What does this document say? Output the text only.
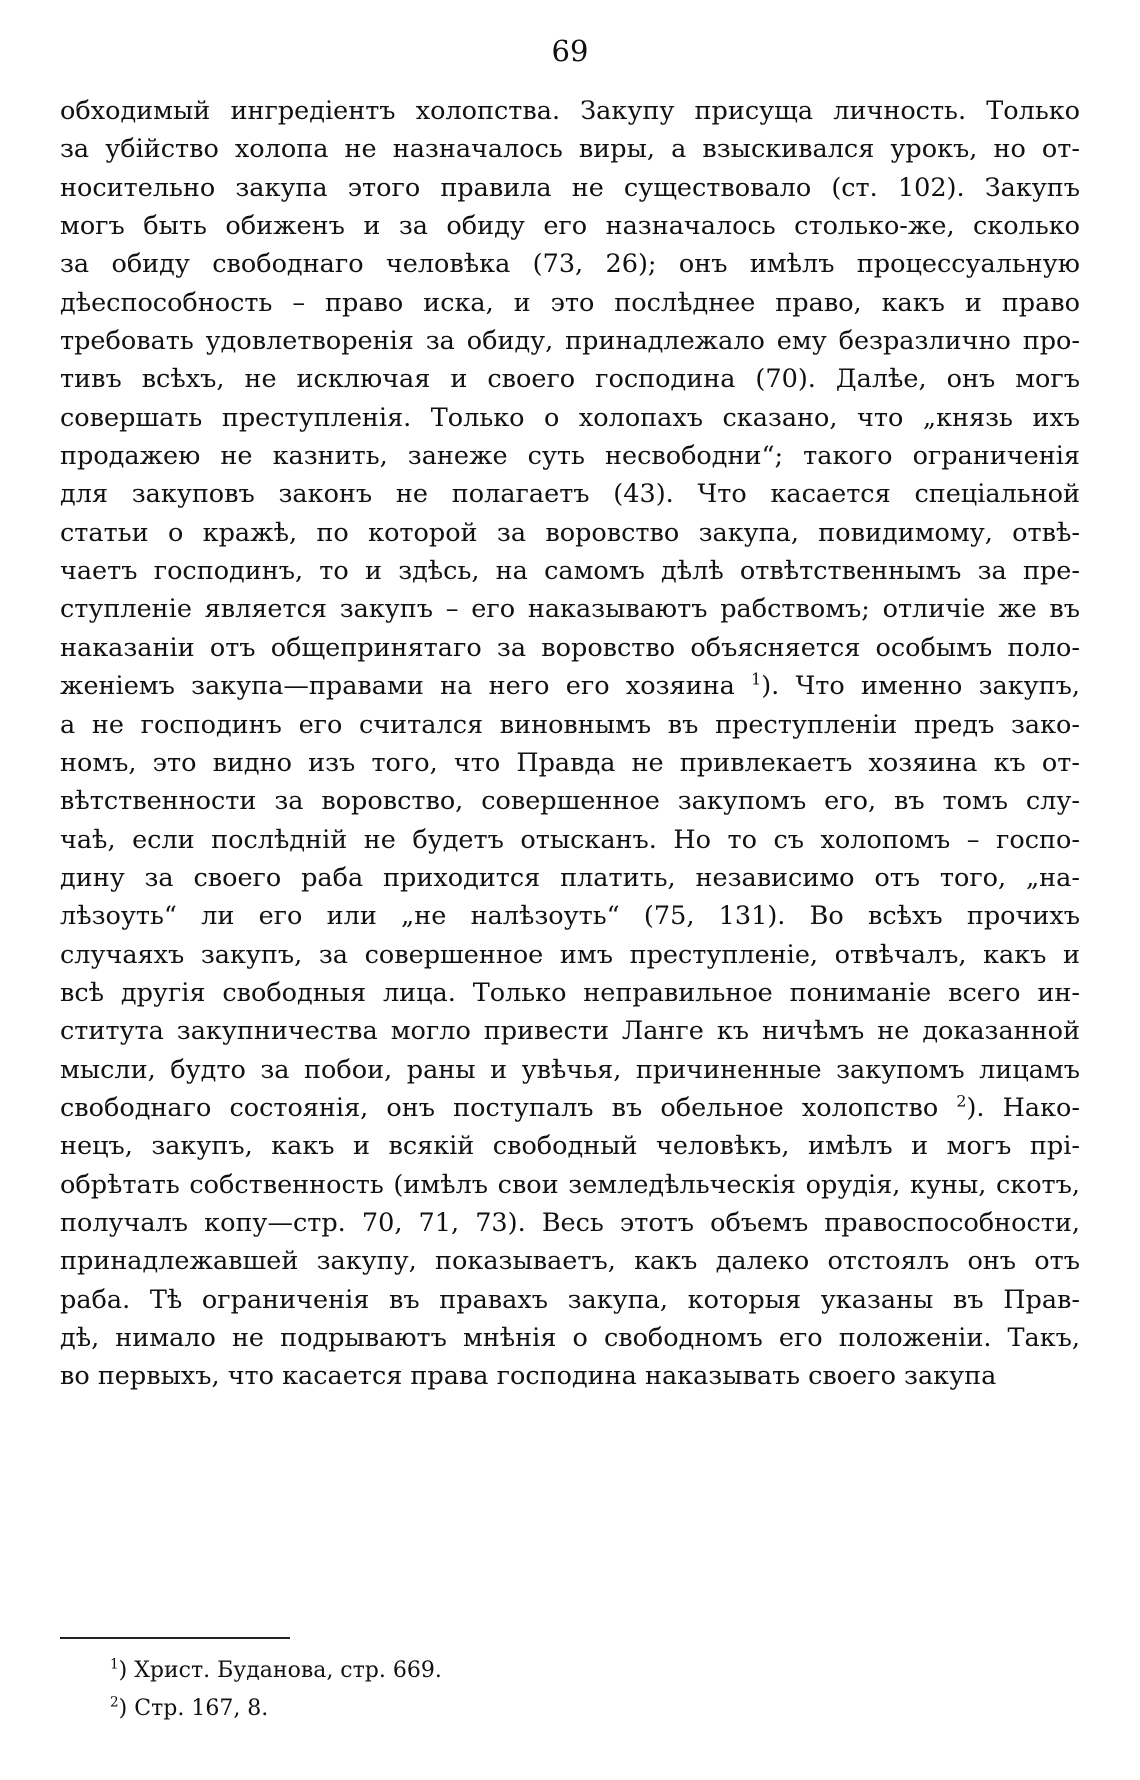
69
обходимый ингредіентъ холопства. Закупу присуща личность. Только
за убійство холопа не назначалось виры, а взыскивался урокъ, но от-
носительно закупа этого правила не существовало (ст. 102). Закупъ
могъ быть обиженъ и за обиду его назначалось столько-же, сколько
за обиду свободнаго человѣка (73, 26); онъ имѣлъ процессуальную
дѣеспособность – право иска, и это послѣднее право, какъ и право
требовать удовлетворенія за обиду, принадлежало ему безразлично про-
тивъ всѣхъ, не исключая и своего господина (70). Далѣе, онъ могъ
совершать преступленія. Только о холопахъ сказано, что „князь ихъ
продажею не казнить, занеже суть несвободни“; такого ограниченія
для закуповъ законъ не полагаетъ (43). Что касается спеціальной
статьи о кражѣ, по которой за воровство закупа, повидимому, отвѣ-
чаетъ господинъ, то и здѣсь, на самомъ дѣлѣ отвѣтственнымъ за пре-
ступленіе является закупъ – его наказываютъ рабствомъ; отличіе же въ
наказаніи отъ общепринятаго за воровство объясняется особымъ поло-
женіемъ закупа—правами на него его хозяина $^1$). Что именно закупъ,
а не господинъ его считался виновнымъ въ преступленіи предъ зако-
номъ, это видно изъ того, что Правда не привлекаетъ хозяина къ от-
вѣтственности за воровство, совершенное закупомъ его, въ томъ слу-
чаѣ, если послѣдній не будетъ отысканъ. Но то съ холопомъ – госпо-
дину за своего раба приходится платить, независимо отъ того, „на-
лѣзоуть“ ли его или „не налѣзоуть“ (75, 131). Во всѣхъ прочихъ
случаяхъ закупъ, за совершенное имъ преступленіе, отвѣчалъ, какъ и
всѣ другія свободныя лица. Только неправильное пониманіе всего ин-
ститута закупничества могло привести Ланге къ ничѣмъ не доказанной
мысли, будто за побои, раны и увѣчья, причиненные закупомъ лицамъ
свободнаго состоянія, онъ поступалъ въ обельное холопство $^2$). Нако-
нецъ, закупъ, какъ и всякій свободный человѣкъ, имѣлъ и могъ прі-
обрѣтать собственность (имѣлъ свои земледѣльческія орудія, куны, скотъ,
получалъ копу—стр. 70, 71, 73). Весь этотъ объемъ правоспособности,
принадлежавшей закупу, показываетъ, какъ далеко отстоялъ онъ отъ
раба. Тѣ ограниченія въ правахъ закупа, которыя указаны въ Прав-
дѣ, нимало не подрываютъ мнѣнія о свободномъ его положеніи. Такъ,
во первыхъ, что касается права господина наказывать своего закупа
$^1$) Христ. Буданова, стр. 669.
$^2$) Стр. 167, 8.
